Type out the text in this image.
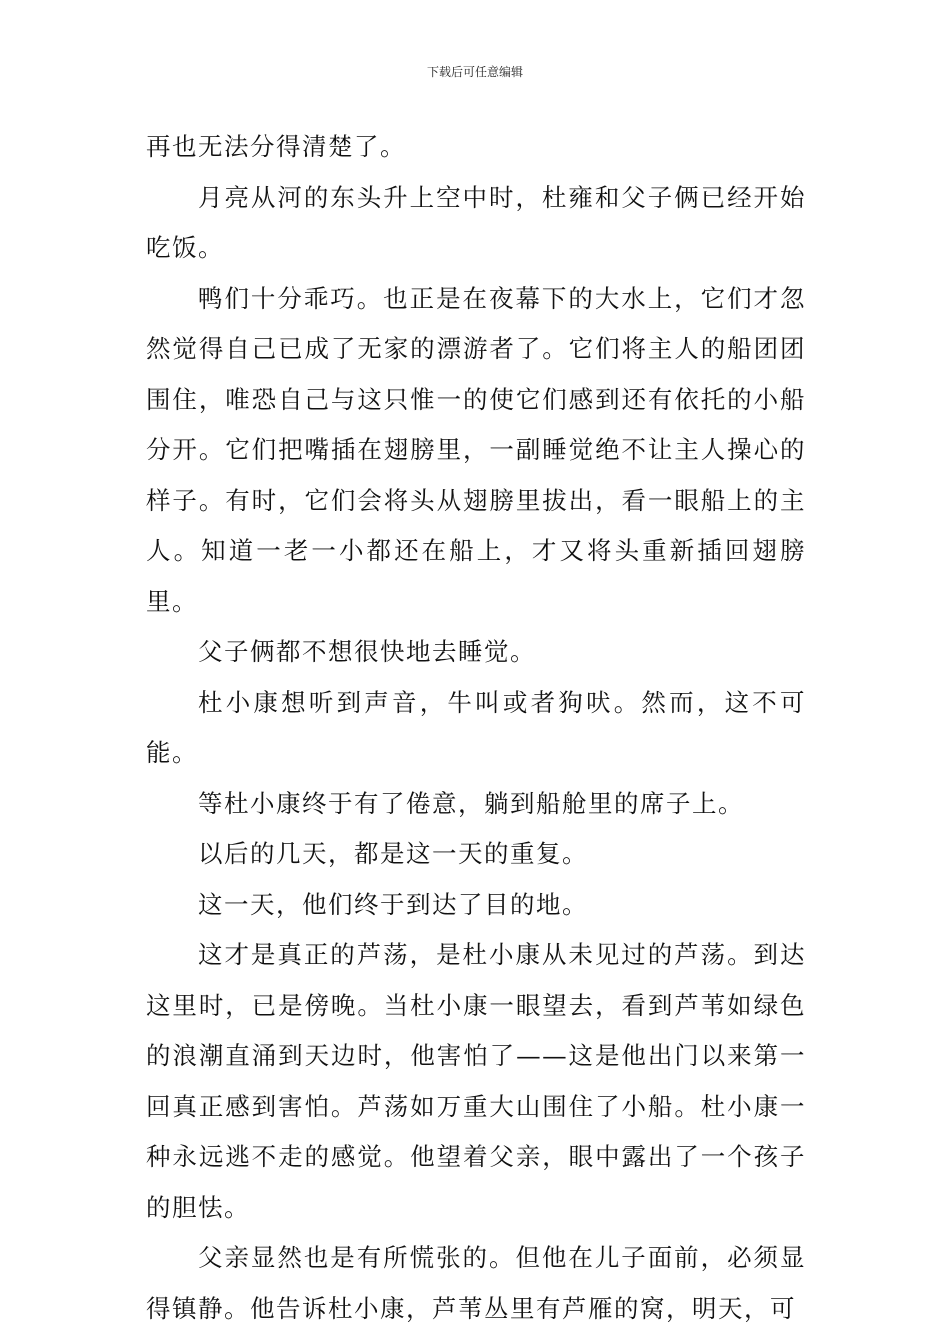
下载后可任意编辑

再也无法分得清楚了。

月亮从河的东头升上空中时，杜雍和父子俩已经开始吃饭。

鸭们十分乖巧。也正是在夜幕下的大水上，它们才忽然觉得自己已成了无家的漂游者了。它们将主人的船团团围住，唯恐自己与这只惟一的使它们感到还有依托的小船分开。它们把嘴插在翅膀里，一副睡觉绝不让主人操心的样子。有时，它们会将头从翅膀里拔出，看一眼船上的主人。知道一老一小都还在船上，才又将头重新插回翅膀里。

父子俩都不想很快地去睡觉。

杜小康想听到声音，牛叫或者狗吠。然而，这不可能。

等杜小康终于有了倦意，躺到船舱里的席子上。

以后的几天，都是这一天的重复。

这一天，他们终于到达了目的地。

这才是真正的芦荡，是杜小康从未见过的芦荡。到达这里时，已是傍晚。当杜小康一眼望去，看到芦苇如绿色的浪潮直涌到天边时，他害怕了——这是他出门以来第一回真正感到害怕。芦荡如万重大山围住了小船。杜小康一种永远逃不走的感觉。他望着父亲，眼中露出了一个孩子的胆怯。

父亲显然也是有所慌张的。但他在儿子面前，必须显得镇静。他告诉杜小康，芦苇丛里有芦雁的窝，明天，可
